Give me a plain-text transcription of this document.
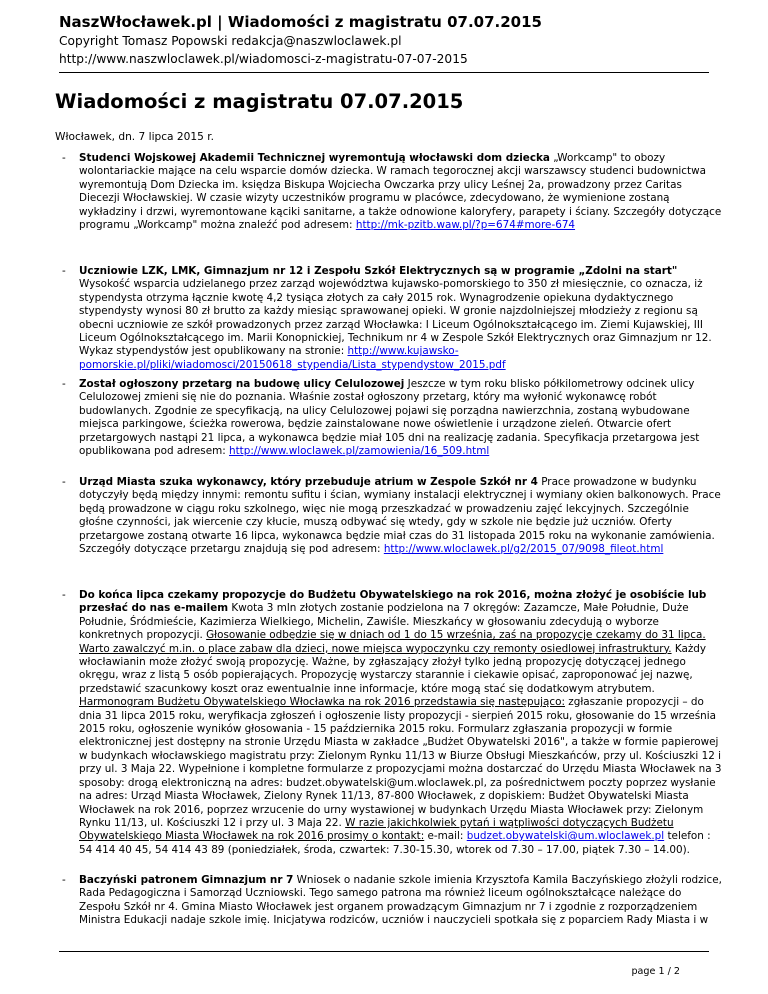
NaszWłocławek.pl | Wiadomości z magistratu 07.07.2015

Copyright Tomasz Popowski redakcja@naszwloclawek.pl

http://www.naszwloclawek.pl/wiadomosci-z-magistratu-07-07-2015

Wiadomości z magistratu 07.07.2015

Włocławek, dn. 7 lipca 2015 r.

-	Studenci Wojskowej Akademii Technicznej wyremontują włocławski dom dziecka „Workcamp" to obozy wolontariackie mające na celu wsparcie domów dziecka. W ramach tegorocznej akcji warszawscy studenci budownictwa wyremontują Dom Dziecka im. księdza Biskupa Wojciecha Owczarka przy ulicy Leśnej 2a, prowadzony przez Caritas Diecezji Włocławskiej. W czasie wizyty uczestników programu w placówce, zdecydowano, że wymienione zostaną wykładziny i drzwi, wyremontowane kąciki sanitarne, a także odnowione kaloryfery, parapety i ściany. Szczegóły dotyczące programu „Workcamp" można znaleźć pod adresem: http://mk-pzitb.waw.pl/?p=674#more-674
-	Uczniowie LZK, LMK, Gimnazjum nr 12 i Zespołu Szkół Elektrycznych są w programie „Zdolni na start" Wysokość wsparcia udzielanego przez zarząd województwa kujawsko-pomorskiego to 350 zł miesięcznie, co oznacza, iż stypendysta otrzyma łącznie kwotę 4,2 tysiąca złotych za cały 2015 rok. Wynagrodzenie opiekuna dydaktycznego stypendysty wynosi 80 zł brutto za każdy miesiąc sprawowanej opieki. W gronie najzdolniejszej młodzieży z regionu są obecni uczniowie ze szkół prowadzonych przez zarząd Włocławka: I Liceum Ogólnokształcącego im. Ziemi Kujawskiej, III Liceum Ogólnokształcącego im. Marii Konopnickiej, Technikum nr 4 w Zespole Szkół Elektrycznych oraz Gimnazjum nr 12. Wykaz stypendystów jest opublikowany na stronie: http://www.kujawsko-pomorskie.pl/pliki/wiadomosci/20150618_stypendia/Lista_stypendystow_2015.pdf
-	Został ogłoszony przetarg na budowę ulicy Celulozowej Jeszcze w tym roku blisko półkilometrowy odcinek ulicy Celulozowej zmieni się nie do poznania. Właśnie został ogłoszony przetarg, który ma wyłonić wykonawcę robót budowlanych. Zgodnie ze specyfikacją, na ulicy Celulozowej pojawi się porządna nawierzchnia, zostaną wybudowane miejsca parkingowe, ścieżka rowerowa, będzie zainstalowane nowe oświetlenie i urządzone zieleń. Otwarcie ofert przetargowych nastąpi 21 lipca, a wykonawca będzie miał 105 dni na realizację zadania. Specyfikacja przetargowa jest opublikowana pod adresem: http://www.wloclawek.pl/zamowienia/16_509.html
-	Urząd Miasta szuka wykonawcy, który przebuduje atrium w Zespole Szkół nr 4 Prace prowadzone w budynku dotyczyły będą między innymi: remontu sufitu i ścian, wymiany instalacji elektrycznej i wymiany okien balkonowych. Prace będą prowadzone w ciągu roku szkolnego, więc nie mogą przeszkadzać w prowadzeniu zajęć lekcyjnych. Szczególnie głośne czynności, jak wiercenie czy kłucie, muszą odbywać się wtedy, gdy w szkole nie będzie już uczniów. Oferty przetargowe zostaną otwarte 16 lipca, wykonawca będzie miał czas do 31 listopada 2015 roku na wykonanie zamówienia. Szczegóły dotyczące przetargu znajdują się pod adresem: http://www.wloclawek.pl/g2/2015_07/9098_fileot.html
-	Do końca lipca czekamy propozycje do Budżetu Obywatelskiego na rok 2016, można złożyć je osobiście lub przesłać do nas e-mailem Kwota 3 mln złotych zostanie podzielona na 7 okręgów: Zazamcze, Małe Południe, Duże Południe, Śródmieście, Kazimierza Wielkiego, Michelin, Zawiśle. Mieszkańcy w głosowaniu zdecydują o wyborze konkretnych propozycji. Głosowanie odbędzie się w dniach od 1 do 15 września, zaś na propozycje czekamy do 31 lipca. Warto zawalczyć m.in. o place zabaw dla dzieci, nowe miejsca wypoczynku czy remonty osiedlowej infrastruktury. Każdy włocławianin może złożyć swoją propozycję. Ważne, by zgłaszający złożył tylko jedną propozycję dotyczącej jednego okręgu, wraz z listą 5 osób popierających. Propozycję wystarczy starannie i ciekawie opisać, zaproponować jej nazwę, przedstawić szacunkowy koszt oraz ewentualnie inne informacje, które mogą stać się dodatkowym atrybutem. Harmonogram Budżetu Obywatelskiego Włocławka na rok 2016 przedstawia się następująco: zgłaszanie propozycji – do dnia 31 lipca 2015 roku, weryfikacja zgłoszeń i ogłoszenie listy propozycji - sierpień 2015 roku, głosowanie do 15 września 2015 roku, ogłoszenie wyników głosowania - 15 października 2015 roku. Formularz zgłaszania propozycji w formie elektronicznej jest dostępny na stronie Urzędu Miasta w zakładce „Budżet Obywatelski 2016", a także w formie papierowej w budynkach włocławskiego magistratu przy: Zielonym Rynku 11/13 w Biurze Obsługi Mieszkańców, przy ul. Kościuszki 12 i przy ul. 3 Maja 22. Wypełnione i kompletne formularze z propozycjami można dostarczać do Urzędu Miasta Włocławek na 3 sposoby: drogą elektroniczną na adres: budzet.obywatelski@um.wloclawek.pl, za pośrednictwem poczty poprzez wysłanie na adres: Urząd Miasta Włocławek, Zielony Rynek 11/13, 87-800 Włocławek, z dopiskiem: Budżet Obywatelski Miasta Włocławek na rok 2016, poprzez wrzucenie do urny wystawionej w budynkach Urzędu Miasta Włocławek przy: Zielonym Rynku 11/13, ul. Kościuszki 12 i przy ul. 3 Maja 22. W razie jakichkolwiek pytań i wątpliwości dotyczących Budżetu Obywatelskiego Miasta Włocławek na rok 2016 prosimy o kontakt: e-mail: budzet.obywatelski@um.wloclawek.pl telefon : 54 414 40 45, 54 414 43 89 (poniedziałek, środa, czwartek: 7.30-15.30, wtorek od 7.30 – 17.00, piątek 7.30 – 14.00).
-	Baczyński patronem Gimnazjum nr 7 Wniosek o nadanie szkole imienia Krzysztofa Kamila Baczyńskiego złożyli rodzice, Rada Pedagogiczna i Samorząd Uczniowski. Tego samego patrona ma również liceum ogólnokształcące należące do Zespołu Szkół nr 4. Gmina Miasto Włocławek jest organem prowadzącym Gimnazjum nr 7 i zgodnie z rozporządzeniem Ministra Edukacji nadaje szkole imię. Inicjatywa rodziców, uczniów i nauczycieli spotkała się z poparciem Rady Miasta i w

page 1 / 2
